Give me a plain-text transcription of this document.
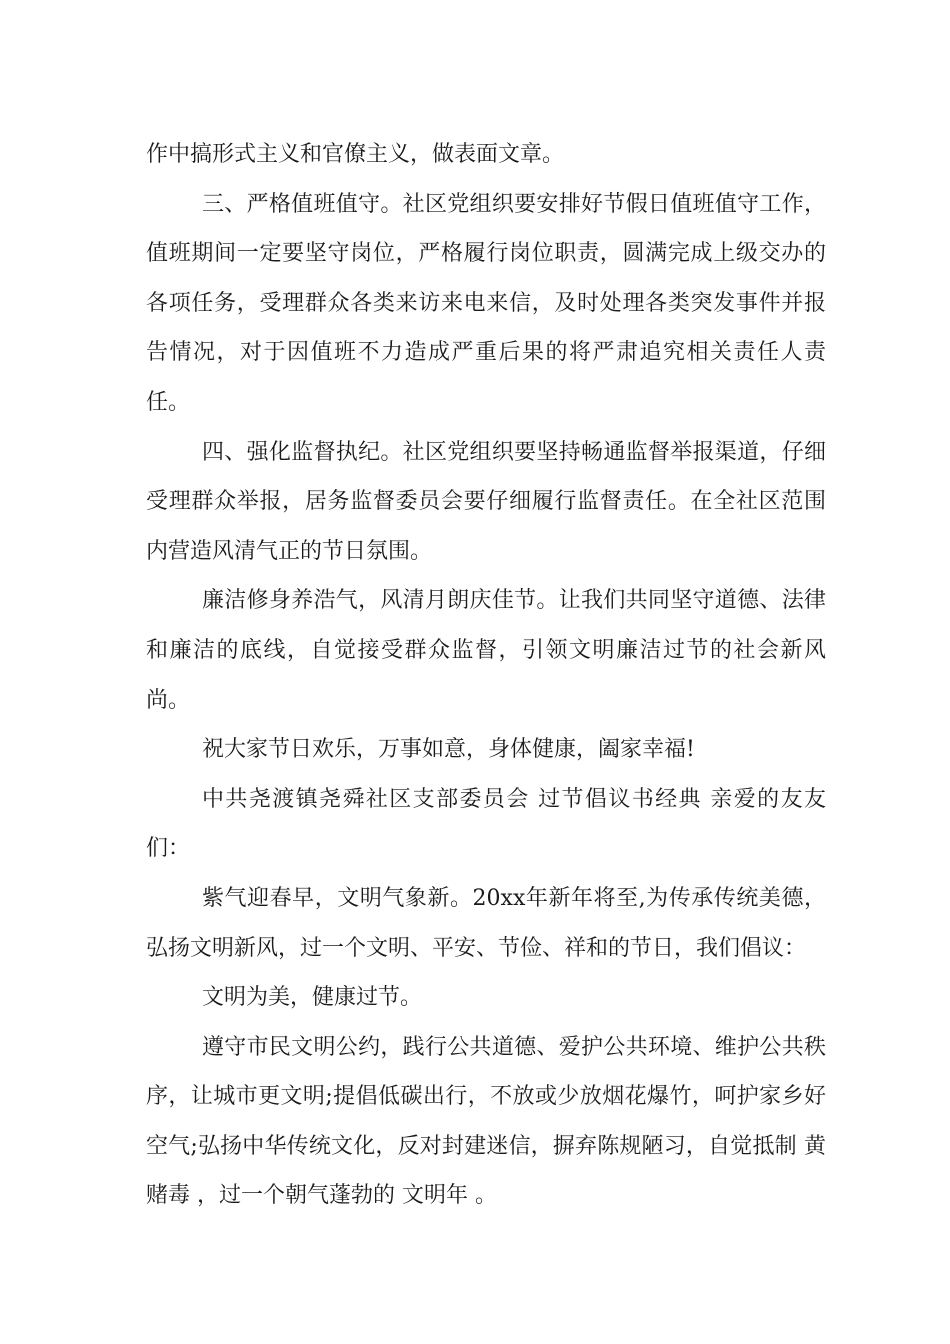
作中搞形式主义和官僚主义，做表面文章。

三、严格值班值守。社区党组织要安排好节假日值班值守工作，值班期间一定要坚守岗位，严格履行岗位职责，圆满完成上级交办的各项任务，受理群众各类来访来电来信，及时处理各类突发事件并报告情况，对于因值班不力造成严重后果的将严肃追究相关责任人责任。

四、强化监督执纪。社区党组织要坚持畅通监督举报渠道，仔细受理群众举报，居务监督委员会要仔细履行监督责任。在全社区范围内营造风清气正的节日氛围。

廉洁修身养浩气，风清月朗庆佳节。让我们共同坚守道德、法律和廉洁的底线，自觉接受群众监督，引领文明廉洁过节的社会新风尚。

祝大家节日欢乐，万事如意，身体健康，阖家幸福!

中共尧渡镇尧舜社区支部委员会 过节倡议书经典 亲爱的友友们：

紫气迎春早，文明气象新。20xx年新年将至,为传承传统美德，弘扬文明新风，过一个文明、平安、节俭、祥和的节日，我们倡议：

文明为美，健康过节。

遵守市民文明公约，践行公共道德、爱护公共环境、维护公共秩序，让城市更文明;提倡低碳出行，不放或少放烟花爆竹，呵护家乡好空气;弘扬中华传统文化，反对封建迷信，摒弃陈规陋习，自觉抵制 黄赌毒 ，过一个朝气蓬勃的 文明年 。
